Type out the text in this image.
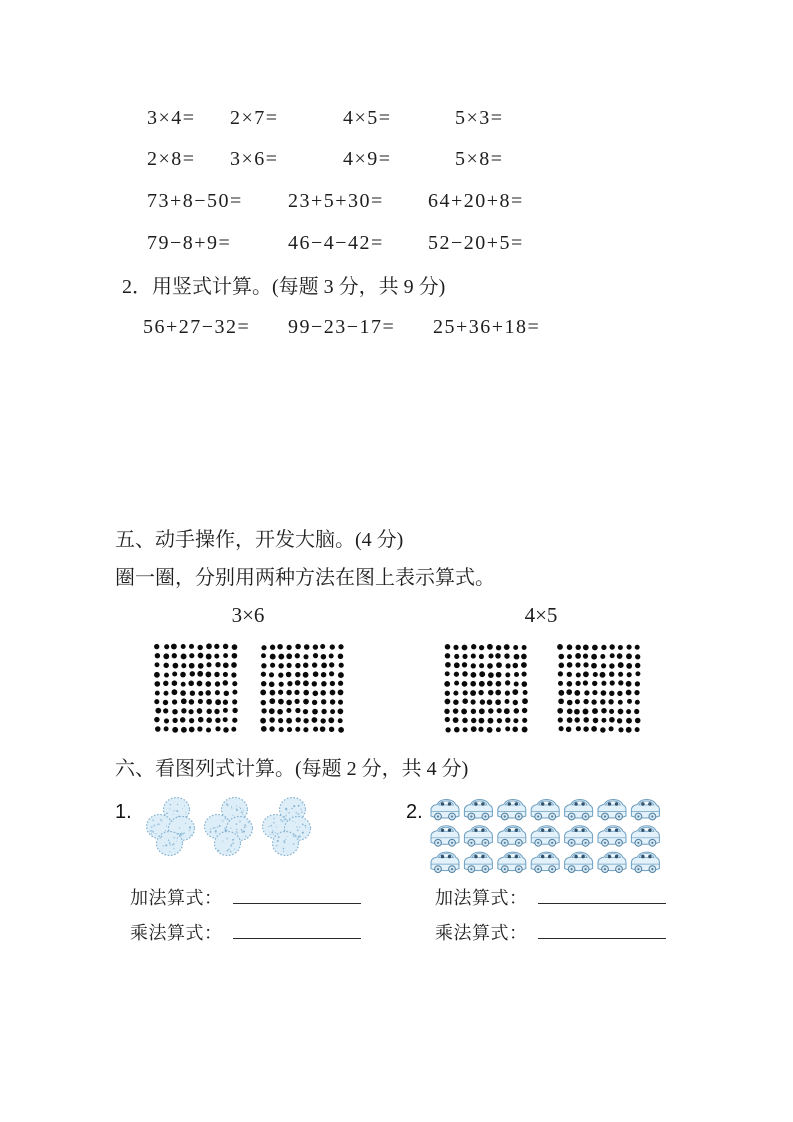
2．用竖式计算。(每题 3 分，共 9 分)
五、动手操作，开发大脑。(4 分)
圈一圈，分别用两种方法在图上表示算式。
六、看图列式计算。(每题 2 分，共 4 分)
1.	2.
加法算式：
乘法算式：
加法算式：
乘法算式：
3×4= 2×7=	4×5=	5×3=
2×8= 3×6=	4×9=	5×8=
73+8−50= 23+5+30= 64+20+8=
79−8+9=	46−4−42= 52−20+5=
56+27−32= 99−23−17= 25+36+18=
3×6	4×5
